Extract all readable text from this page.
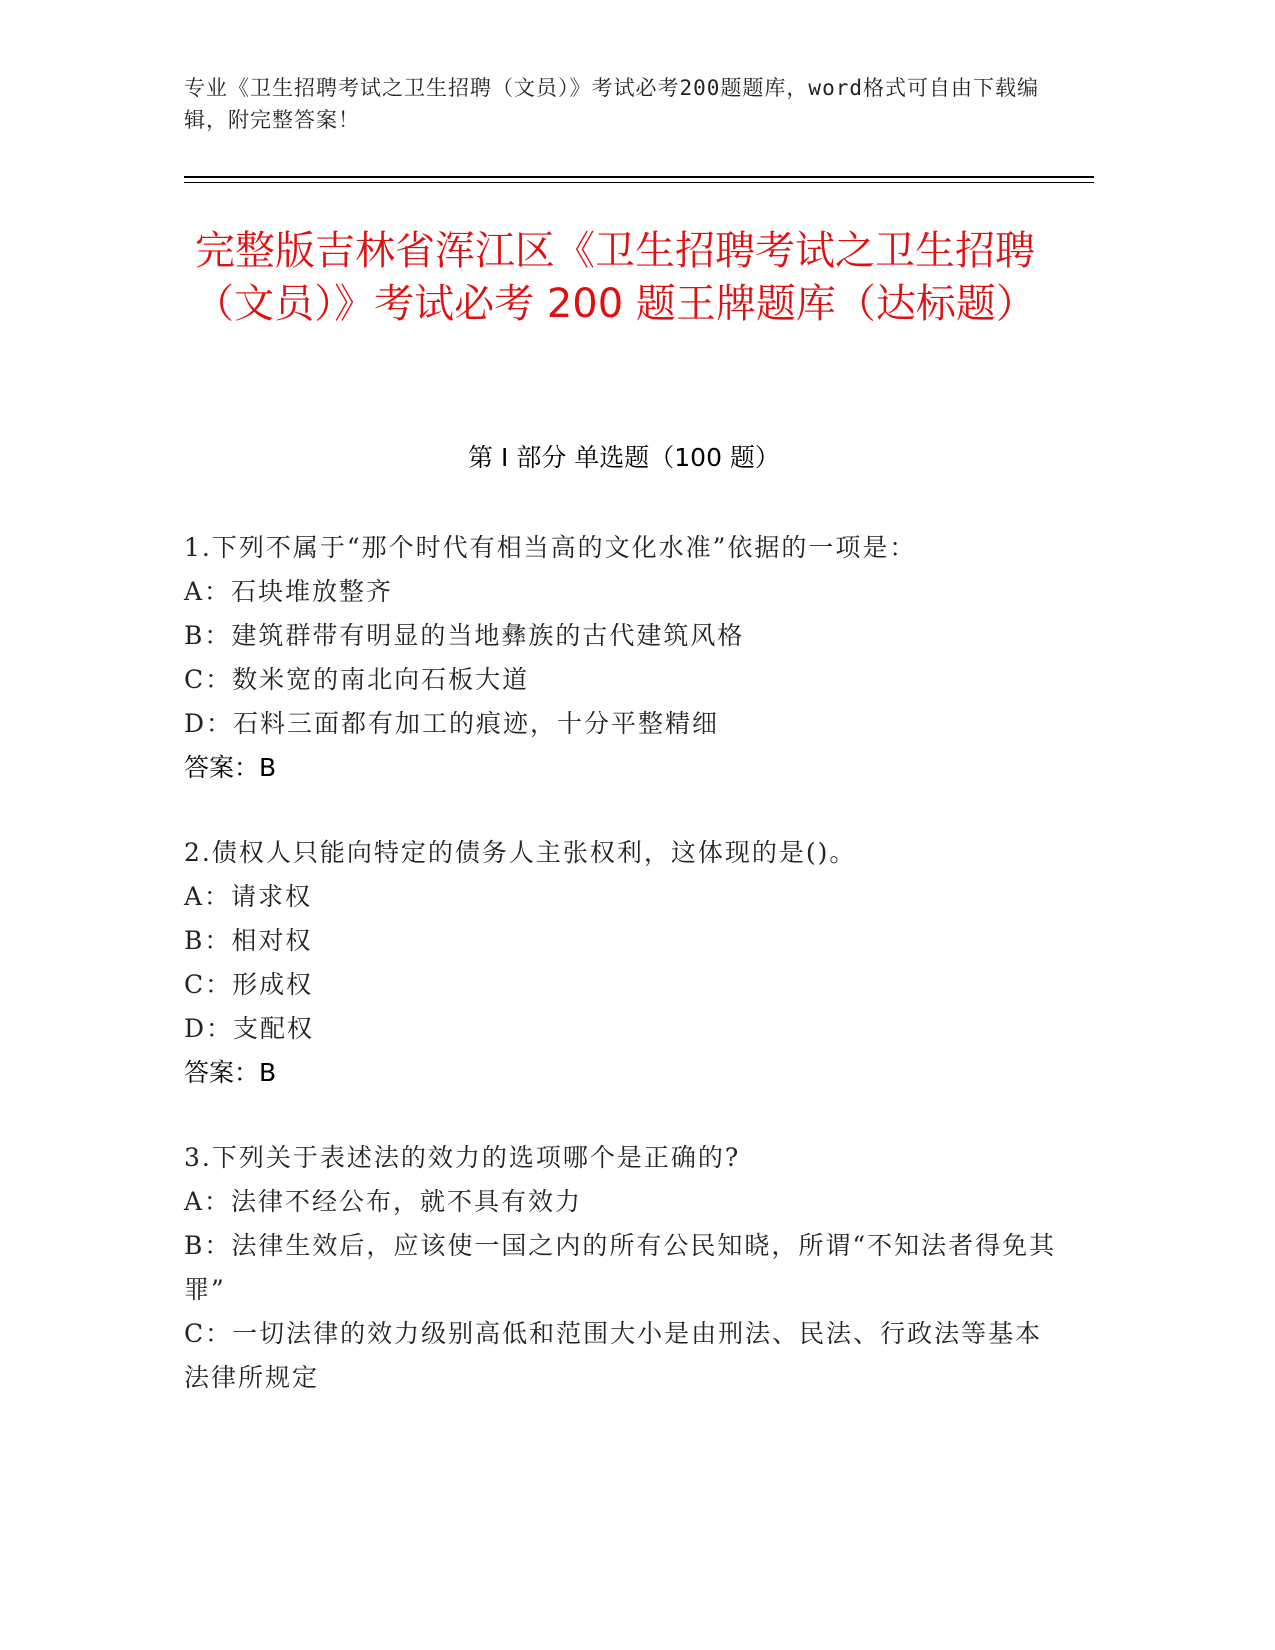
专业《卫生招聘考试之卫生招聘（文员）》考试必考200题题库，word格式可自由下载编辑，附完整答案！
完整版吉林省浑江区《卫生招聘考试之卫生招聘（文员）》考试必考 200 题王牌题库（达标题）
第 I 部分 单选题（100 题）

1.下列不属于“那个时代有相当高的文化水准”依据的一项是：

A：石块堆放整齐

B：建筑群带有明显的当地彝族的古代建筑风格

C：数米宽的南北向石板大道

D：石料三面都有加工的痕迹，十分平整精细

答案：B

2.债权人只能向特定的债务人主张权利，这体现的是()。

A：请求权

B：相对权

C：形成权

D：支配权

答案：B

3.下列关于表述法的效力的选项哪个是正确的?

A：法律不经公布，就不具有效力

B：法律生效后，应该使一国之内的所有公民知晓，所谓“不知法者得免其罪”

C：一切法律的效力级别高低和范围大小是由刑法、民法、行政法等基本法律所规定
